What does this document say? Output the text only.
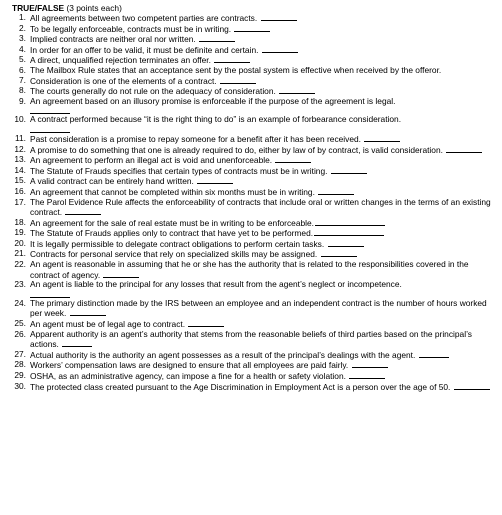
TRUE/FALSE (3 points each)
1. All agreements between two competent parties are contracts.
2. To be legally enforceable, contracts must be in writing.
3. Implied contracts are neither oral nor written.
4. In order for an offer to be valid, it must be definite and certain.
5. A direct, unqualified rejection terminates an offer.
6. The Mailbox Rule states that an acceptance sent by the postal system is effective when received by the offeror.
7. Consideration is one of the elements of a contract.
8. The courts generally do not rule on the adequacy of consideration.
9. An agreement based on an illusory promise is enforceable if the purpose of the agreement is legal.
10. A contract performed because “it is the right thing to do” is an example of forbearance consideration.
11. Past consideration is a promise to repay someone for a benefit after it has been received.
12. A promise to do something that one is already required to do, either by law of by contract, is valid consideration.
13. An agreement to perform an illegal act is void and unenforceable.
14. The Statute of Frauds specifies that certain types of contracts must be in writing.
15. A valid contract can be entirely hand written.
16. An agreement that cannot be completed within six months must be in writing.
17. The Parol Evidence Rule affects the enforceability of contracts that include oral or written changes in the terms of an existing contract.
18. An agreement for the sale of real estate must be in writing to be enforceable.
19. The Statute of Frauds applies only to contract that have yet to be performed.
20. It is legally permissible to delegate contract obligations to perform certain tasks.
21. Contracts for personal service that rely on specialized skills may be assigned.
22. An agent is reasonable in assuming that he or she has the authority that is related to the responsibilities covered in the contract of agency.
23. An agent is liable to the principal for any losses that result from the agent’s neglect or incompetence.
24. The primary distinction made by the IRS between an employee and an independent contract is the number of hours worked per week.
25. An agent must be of legal age to contract.
26. Apparent authority is an agent’s authority that stems from the reasonable beliefs of third parties based on the principal’s actions.
27. Actual authority is the authority an agent possesses as a result of the principal’s dealings with the agent.
28. Workers’ compensation laws are designed to ensure that all employees are paid fairly.
29. OSHA, as an administrative agency, can impose a fine for a health or safety violation.
30. The protected class created pursuant to the Age Discrimination in Employment Act is a person over the age of 50.
